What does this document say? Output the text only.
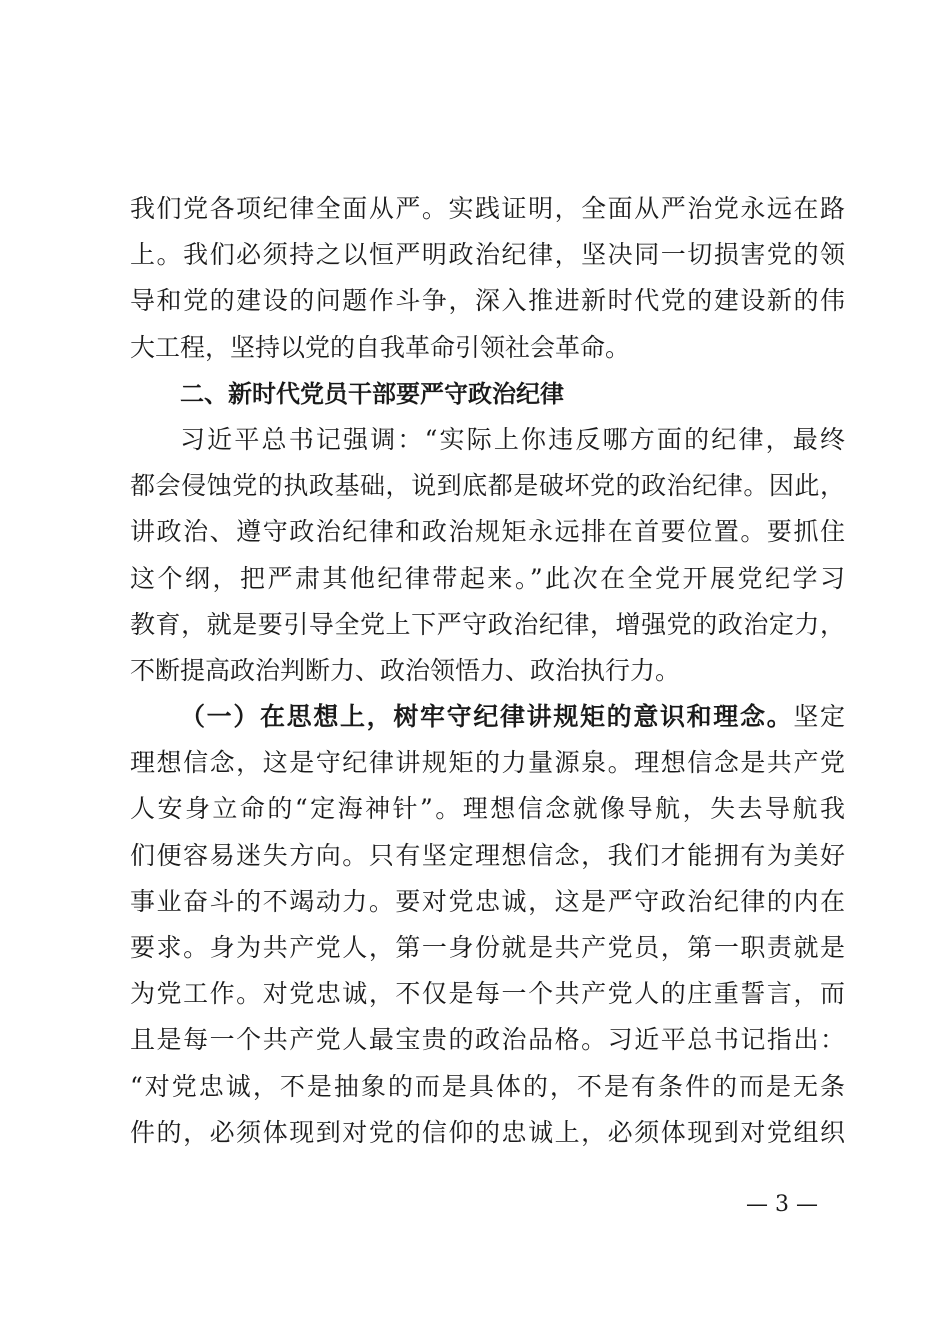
我们党各项纪律全面从严。实践证明，全面从严治党永远在路
上。我们必须持之以恒严明政治纪律，坚决同一切损害党的领
导和党的建设的问题作斗争，深入推进新时代党的建设新的伟
大工程，坚持以党的自我革命引领社会革命。
二、新时代党员干部要严守政治纪律
习近平总书记强调：“实际上你违反哪方面的纪律，最终
都会侵蚀党的执政基础，说到底都是破坏党的政治纪律。因此，
讲政治、遵守政治纪律和政治规矩永远排在首要位置。要抓住
这个纲，把严肃其他纪律带起来。”此次在全党开展党纪学习
教育，就是要引导全党上下严守政治纪律，增强党的政治定力，
不断提高政治判断力、政治领悟力、政治执行力。
（一）在思想上，树牢守纪律讲规矩的意识和理念。坚定
理想信念，这是守纪律讲规矩的力量源泉。理想信念是共产党
人安身立命的“定海神针”。理想信念就像导航，失去导航我
们便容易迷失方向。只有坚定理想信念，我们才能拥有为美好
事业奋斗的不竭动力。要对党忠诚，这是严守政治纪律的内在
要求。身为共产党人，第一身份就是共产党员，第一职责就是
为党工作。对党忠诚，不仅是每一个共产党人的庄重誓言，而
且是每一个共产党人最宝贵的政治品格。习近平总书记指出：
“对党忠诚，不是抽象的而是具体的，不是有条件的而是无条
件的，必须体现到对党的信仰的忠诚上，必须体现到对党组织
— 3 —
